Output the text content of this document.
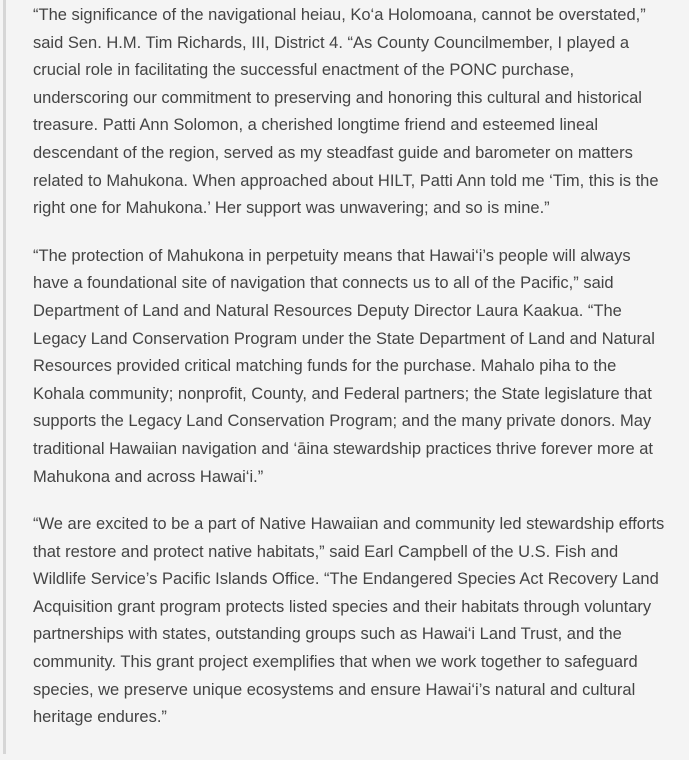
“The significance of the navigational heiau, Ko‘a Holomoana, cannot be overstated,” said Sen. H.M. Tim Richards, III, District 4. “As County Councilmember, I played a crucial role in facilitating the successful enactment of the PONC purchase, underscoring our commitment to preserving and honoring this cultural and historical treasure. Patti Ann Solomon, a cherished longtime friend and esteemed lineal descendant of the region, served as my steadfast guide and barometer on matters related to Mahukona. When approached about HILT, Patti Ann told me ‘Tim, this is the right one for Mahukona.’ Her support was unwavering; and so is mine.”

“The protection of Mahukona in perpetuity means that Hawai‘i’s people will always have a foundational site of navigation that connects us to all of the Pacific,” said Department of Land and Natural Resources Deputy Director Laura Kaakua. “The Legacy Land Conservation Program under the State Department of Land and Natural Resources provided critical matching funds for the purchase. Mahalo piha to the Kohala community; nonprofit, County, and Federal partners; the State legislature that supports the Legacy Land Conservation Program; and the many private donors. May traditional Hawaiian navigation and ‘āina stewardship practices thrive forever more at Mahukona and across Hawai‘i.”

“We are excited to be a part of Native Hawaiian and community led stewardship efforts that restore and protect native habitats,” said Earl Campbell of the U.S. Fish and Wildlife Service’s Pacific Islands Office. “The Endangered Species Act Recovery Land Acquisition grant program protects listed species and their habitats through voluntary partnerships with states, outstanding groups such as Hawai‘i Land Trust, and the community. This grant project exemplifies that when we work together to safeguard species, we preserve unique ecosystems and ensure Hawai‘i’s natural and cultural heritage endures.”
